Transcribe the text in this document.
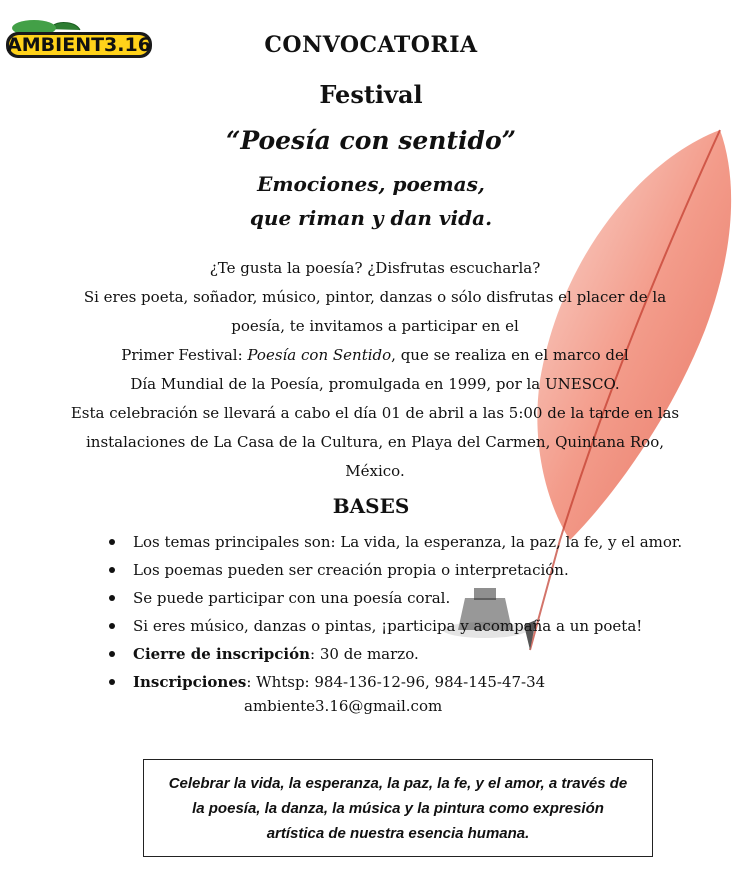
AMBIENT3.16	CONVOCATORIA
Festival
“Poesía con sentido”
Emociones, poemas,
que riman y dan vida.

¿Te gusta la poesía? ¿Disfrutas escucharla?

Si eres poeta, soñador, músico, pintor, danzas o sólo disfrutas el placer de la poesía, te invitamos a participar en el

Primer Festival: Poesía con Sentido, que se realiza en el marco del

Día Mundial de la Poesía, promulgada en 1999, por la UNESCO.

Esta celebración se llevará a cabo el día 01 de abril a las 5:00 de la tarde en las instalaciones de La Casa de la Cultura, en Playa del Carmen, Quintana Roo, México.

BASES
Los temas principales son: La vida, la esperanza, la paz, la fe, y el amor.
Los poemas pueden ser creación propia o interpretación.
Se puede participar con una poesía coral.
Si eres músico, danzas o pintas, ¡participa y acompaña a un poeta!
Cierre de inscripción: 30 de marzo.
Inscripciones: Whtsp: 984-136-12-96, 984-145-47-34
ambiente3.16@gmail.com
Celebrar la vida, la esperanza, la paz, la fe, y el amor, a través de la poesía, la danza, la música y la pintura como expresión artística de nuestra esencia humana.
